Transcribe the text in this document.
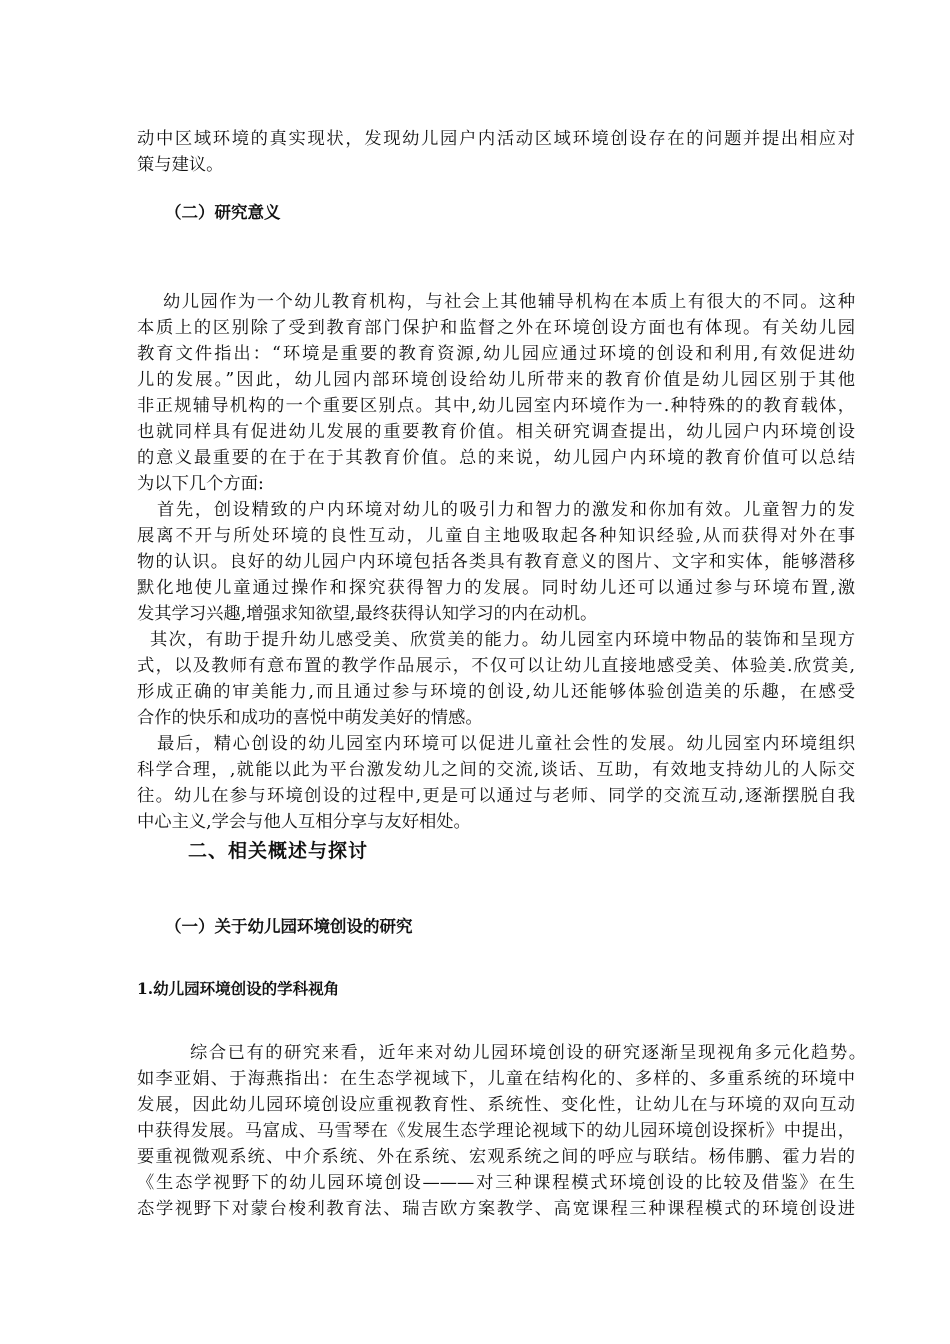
动中区域环境的真实现状，发现幼儿园户内活动区域环境创设存在的问题并提出相应对
策与建议。
（二）研究意义
幼儿园作为一个幼儿教育机构，与社会上其他辅导机构在本质上有很大的不同。这种
本质上的区别除了受到教育部门保护和监督之外在环境创设方面也有体现。有关幼儿园
教育文件指出：“环境是重要的教育资源,幼儿园应通过环境的创设和利用,有效促进幼
儿的发展。”因此，幼儿园内部环境创设给幼儿所带来的教育价值是幼儿园区别于其他
非正规辅导机构的一个重要区别点。其中,幼儿园室内环境作为一.种特殊的的教育载体，
也就同样具有促进幼儿发展的重要教育价值。相关研究调查提出，幼儿园户内环境创设
的意义最重要的在于在于其教育价值。总的来说，幼儿园户内环境的教育价值可以总结
为以下几个方面:
首先，创设精致的户内环境对幼儿的吸引力和智力的激发和你加有效。儿童智力的发
展离不开与所处环境的良性互动，儿童自主地吸取起各种知识经验,从而获得对外在事
物的认识。良好的幼儿园户内环境包括各类具有教育意义的图片、文字和实体，能够潜移
默化地使儿童通过操作和探究获得智力的发展。同时幼儿还可以通过参与环境布置,激
发其学习兴趣,增强求知欲望,最终获得认知学习的内在动机。
其次，有助于提升幼儿感受美、欣赏美的能力。幼儿园室内环境中物品的装饰和呈现方
式，以及教师有意布置的教学作品展示，不仅可以让幼儿直接地感受美、体验美.欣赏美,
形成正确的审美能力,而且通过参与环境的创设,幼儿还能够体验创造美的乐趣，在感受
合作的快乐和成功的喜悦中萌发美好的情感。
最后，精心创设的幼儿园室内环境可以促进儿童社会性的发展。幼儿园室内环境组织
科学合理，,就能以此为平台激发幼儿之间的交流,谈话、互助，有效地支持幼儿的人际交
往。幼儿在参与环境创设的过程中,更是可以通过与老师、同学的交流互动,逐渐摆脱自我
中心主义,学会与他人互相分享与友好相处。
二、相关概述与探讨
（一）关于幼儿园环境创设的研究
1.幼儿园环境创设的学科视角
综合已有的研究来看，近年来对幼儿园环境创设的研究逐渐呈现视角多元化趋势。
如李亚娟、于海燕指出：在生态学视域下，儿童在结构化的、多样的、多重系统的环境中
发展，因此幼儿园环境创设应重视教育性、系统性、变化性，让幼儿在与环境的双向互动
中获得发展。马富成、马雪琴在《发展生态学理论视域下的幼儿园环境创设探析》中提出，
要重视微观系统、中介系统、外在系统、宏观系统之间的呼应与联结。杨伟鹏、霍力岩的
《生态学视野下的幼儿园环境创设———对三种课程模式环境创设的比较及借鉴》在生
态学视野下对蒙台梭利教育法、瑞吉欧方案教学、高宽课程三种课程模式的环境创设进
